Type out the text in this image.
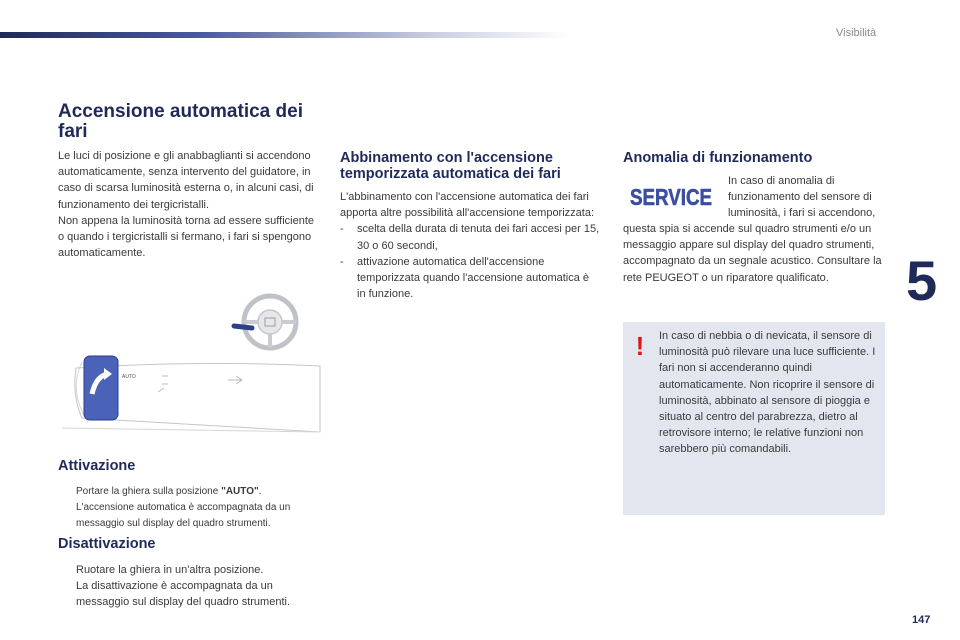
Visibilità
5
147
Accensione automatica dei fari

Le luci di posizione e gli anabbaglianti si accendono automaticamente, senza intervento del guidatore, in caso di scarsa luminosità esterna o, in alcuni casi, di funzionamento dei tergicristalli.

Non appena la luminosità torna ad essere sufficiente o quando i tergicristalli si fermano, i fari si spengono automaticamente.

AUTO
Attivazione
Portare la ghiera sulla posizione "AUTO".
L'accensione automatica è accompagnata da un messaggio sul display del quadro strumenti.
Disattivazione
Ruotare la ghiera in un'altra posizione.
La disattivazione è accompagnata da un messaggio sul display del quadro strumenti.
Abbinamento con l'accensione temporizzata automatica dei fari

L'abbinamento con l'accensione automatica dei fari apporta altre possibilità all'accensione temporizzata:

-	scelta della durata di tenuta dei fari accesi per 15, 30 o 60 secondi,
-	attivazione automatica dell'accensione temporizzata quando l'accensione automatica è in funzione.
Anomalia di funzionamento
SERVICE
In caso di anomalia di funzionamento del sensore di luminosità, i fari si accendono,
questa spia si accende sul quadro strumenti e/o un messaggio appare sul display del quadro strumenti, accompagnato da un segnale acustico. Consultare la rete PEUGEOT o un riparatore qualificato.
! In caso di nebbia o di nevicata, il sensore di luminosità può rilevare una luce sufficiente. I fari non si accenderanno quindi automaticamente. Non ricoprire il sensore di luminosità, abbinato al sensore di pioggia e situato al centro del parabrezza, dietro al retrovisore interno; le relative funzioni non sarebbero più comandabili.
